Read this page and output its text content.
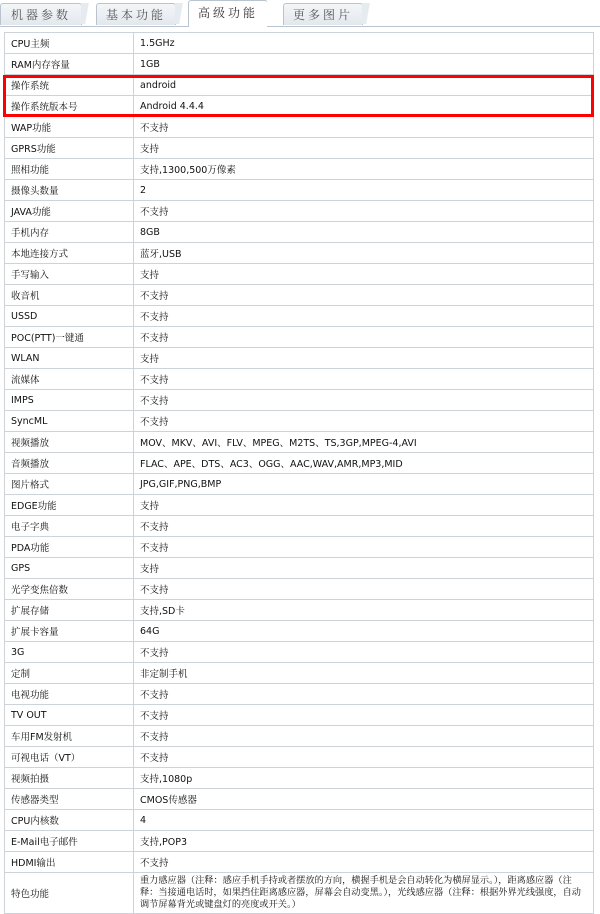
机器参数	基本功能	高级功能	更多图片
CPU主频	1.5GHz
RAM内存容量	1GB
操作系统	android
操作系统版本号	Android 4.4.4
WAP功能	不支持
GPRS功能	支持
照相功能	支持,1300,500万像素
摄像头数量	2
JAVA功能	不支持
手机内存	8GB
本地连接方式	蓝牙,USB
手写输入	支持
收音机	不支持
USSD	不支持
POC(PTT)一键通	不支持
WLAN	支持
流媒体	不支持
IMPS	不支持
SyncML	不支持
视频播放	MOV、MKV、AVI、FLV、MPEG、M2TS、TS,3GP,MPEG-4,AVI
音频播放	FLAC、APE、DTS、AC3、OGG、AAC,WAV,AMR,MP3,MID
图片格式	JPG,GIF,PNG,BMP
EDGE功能	支持
电子字典	不支持
PDA功能	不支持
GPS	支持
光学变焦倍数	不支持
扩展存储	支持,SD卡
扩展卡容量	64G
3G	不支持
定制	非定制手机
电视功能	不支持
TV OUT	不支持
车用FM发射机	不支持
可视电话（VT）	不支持
视频拍摄	支持,1080p
传感器类型	CMOS传感器
CPU内核数	4
E-Mail电子邮件	支持,POP3
HDMI输出	不支持
特色功能	重力感应器（注释：感应手机手持或者摆放的方向，横握手机是会自动转化为横屏显示。），距离感应器（注释：当接通电话时，如果挡住距离感应器，屏幕会自动变黑。），光线感应器（注释：根据外界光线强度，自动调节屏幕背光或键盘灯的亮度或开关。）
